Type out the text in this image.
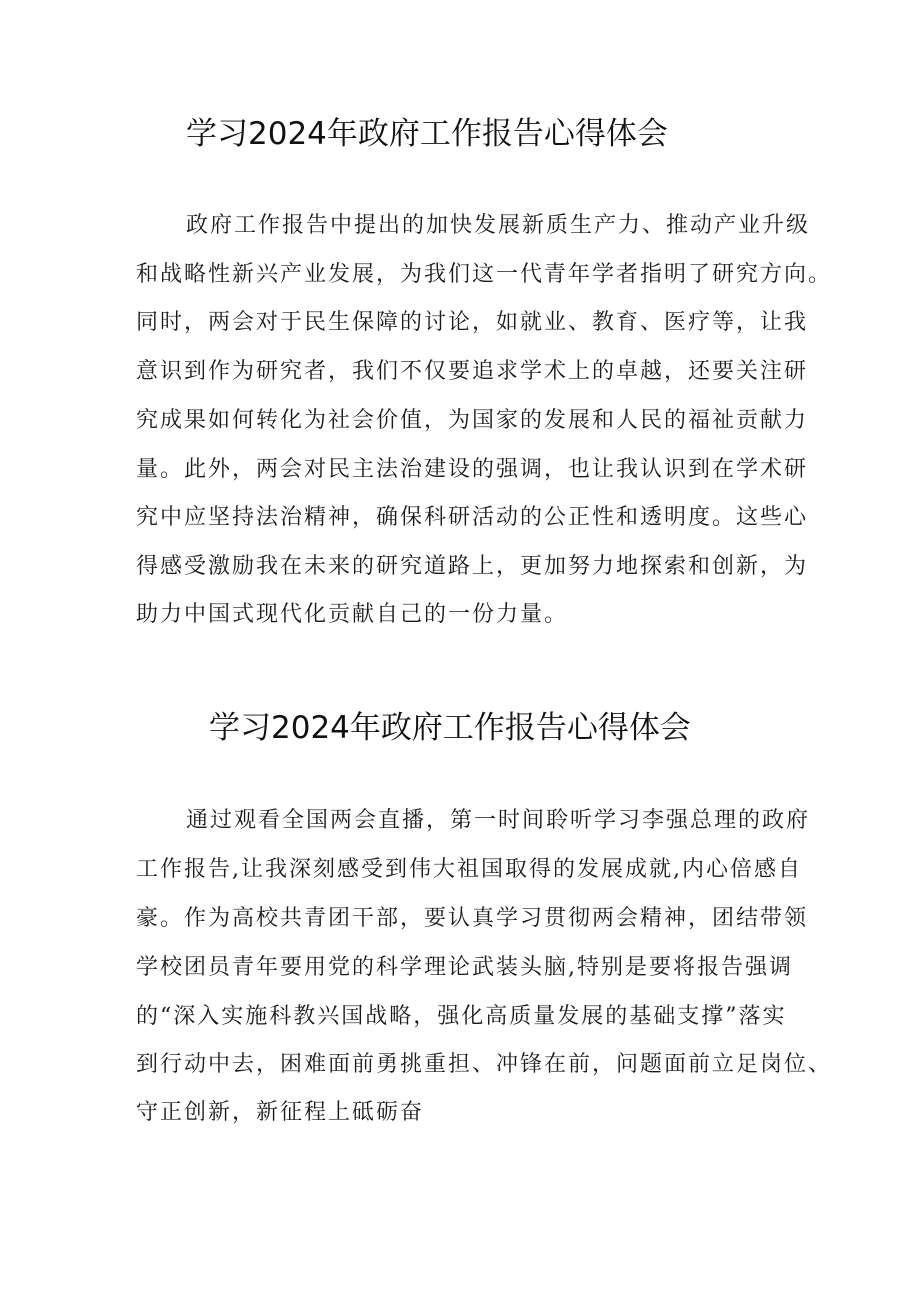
学习2024年政府工作报告心得体会

政府工作报告中提出的加快发展新质生产力、推动产业升级

和战略性新兴产业发展，为我们这一代青年学者指明了研究方向。

同时，两会对于民生保障的讨论，如就业、教育、医疗等，让我

意识到作为研究者，我们不仅要追求学术上的卓越，还要关注研

究成果如何转化为社会价值，为国家的发展和人民的福祉贡献力

量。此外，两会对民主法治建设的强调，也让我认识到在学术研

究中应坚持法治精神，确保科研活动的公正性和透明度。这些心

得感受激励我在未来的研究道路上，更加努力地探索和创新，为

助力中国式现代化贡献自己的一份力量。

学习2024年政府工作报告心得体会

通过观看全国两会直播，第一时间聆听学习李强总理的政府

工作报告,让我深刻感受到伟大祖国取得的发展成就,内心倍感自

豪。作为高校共青团干部，要认真学习贯彻两会精神，团结带领

学校团员青年要用党的科学理论武装头脑,特别是要将报告强调

的“深入实施科教兴国战略，强化高质量发展的基础支撑”落实

到行动中去，困难面前勇挑重担、冲锋在前，问题面前立足岗位、

守正创新，新征程上砥砺奋
